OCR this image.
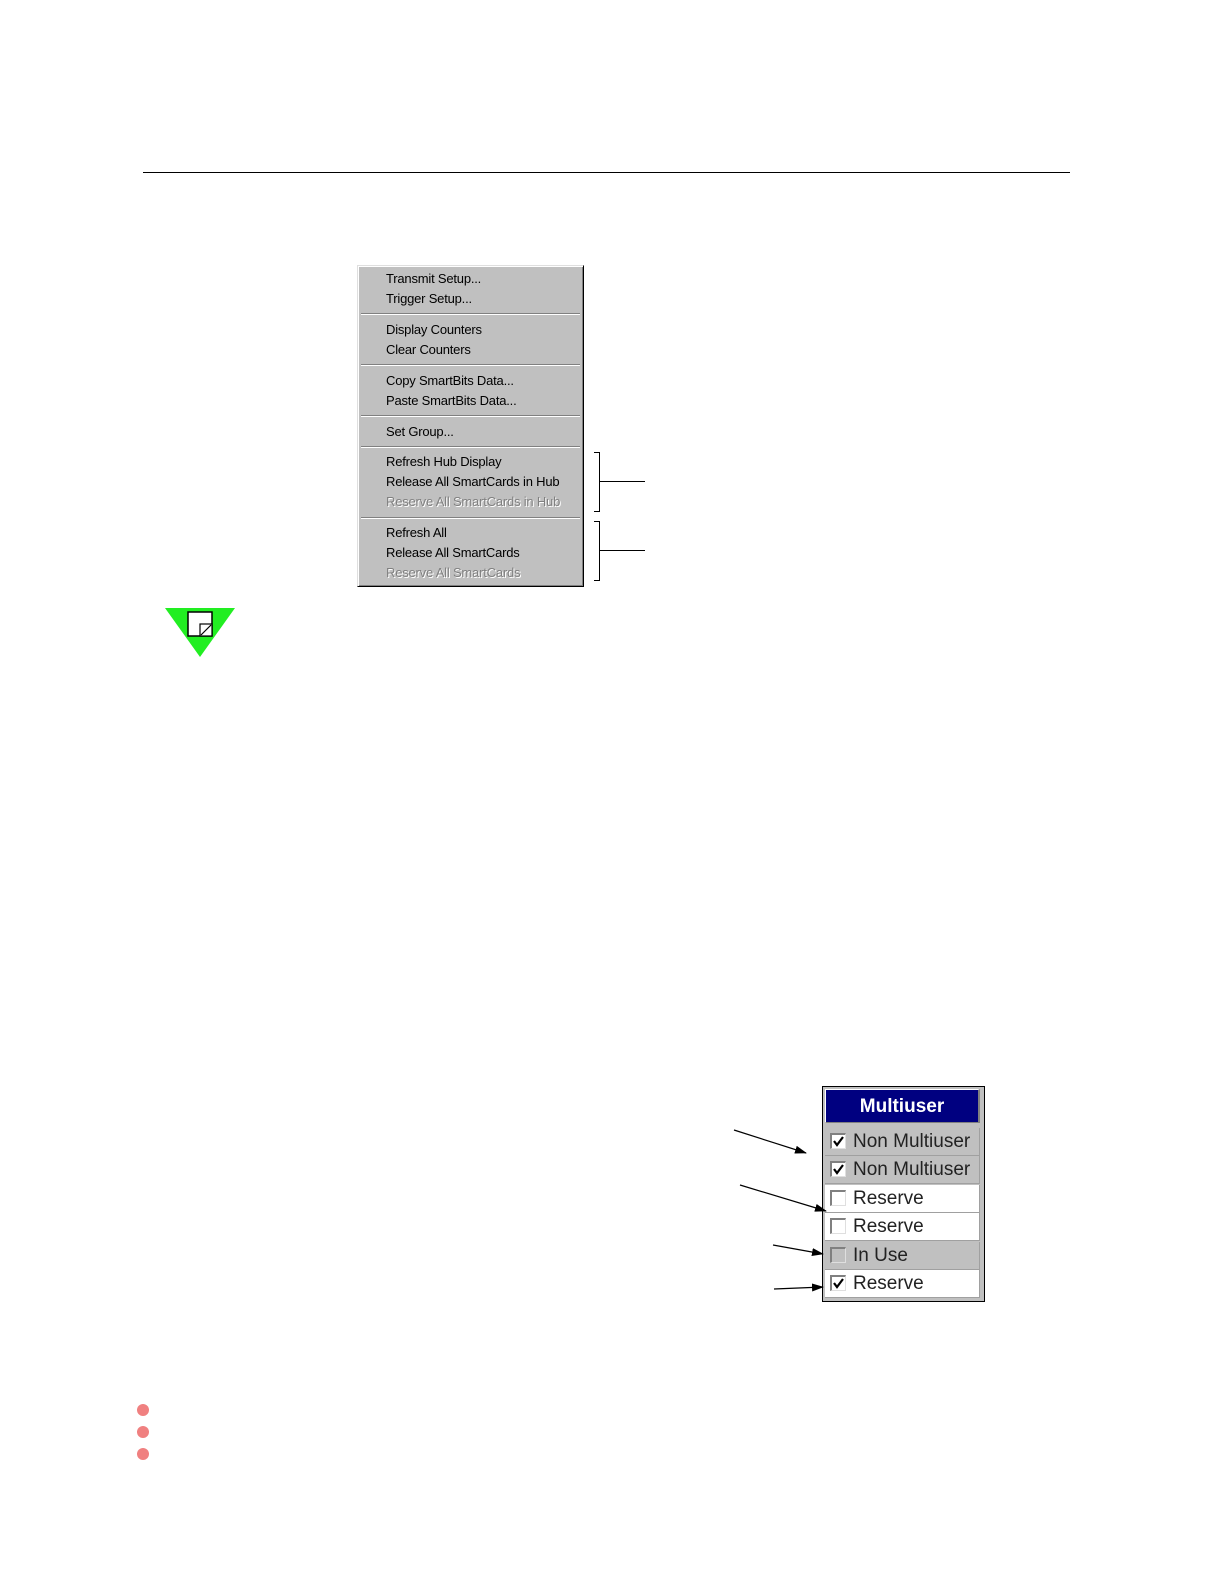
Transmit Setup...
Trigger Setup...
Display Counters
Clear Counters
Copy SmartBits Data...
Paste SmartBits Data...
Set Group...
Refresh Hub Display
Release All SmartCards in Hub
Reserve All SmartCards in Hub
Refresh All
Release All SmartCards
Reserve All SmartCards
Multiuser
Non Multiuser
Non Multiuser
Reserve
Reserve
In Use
Reserve
